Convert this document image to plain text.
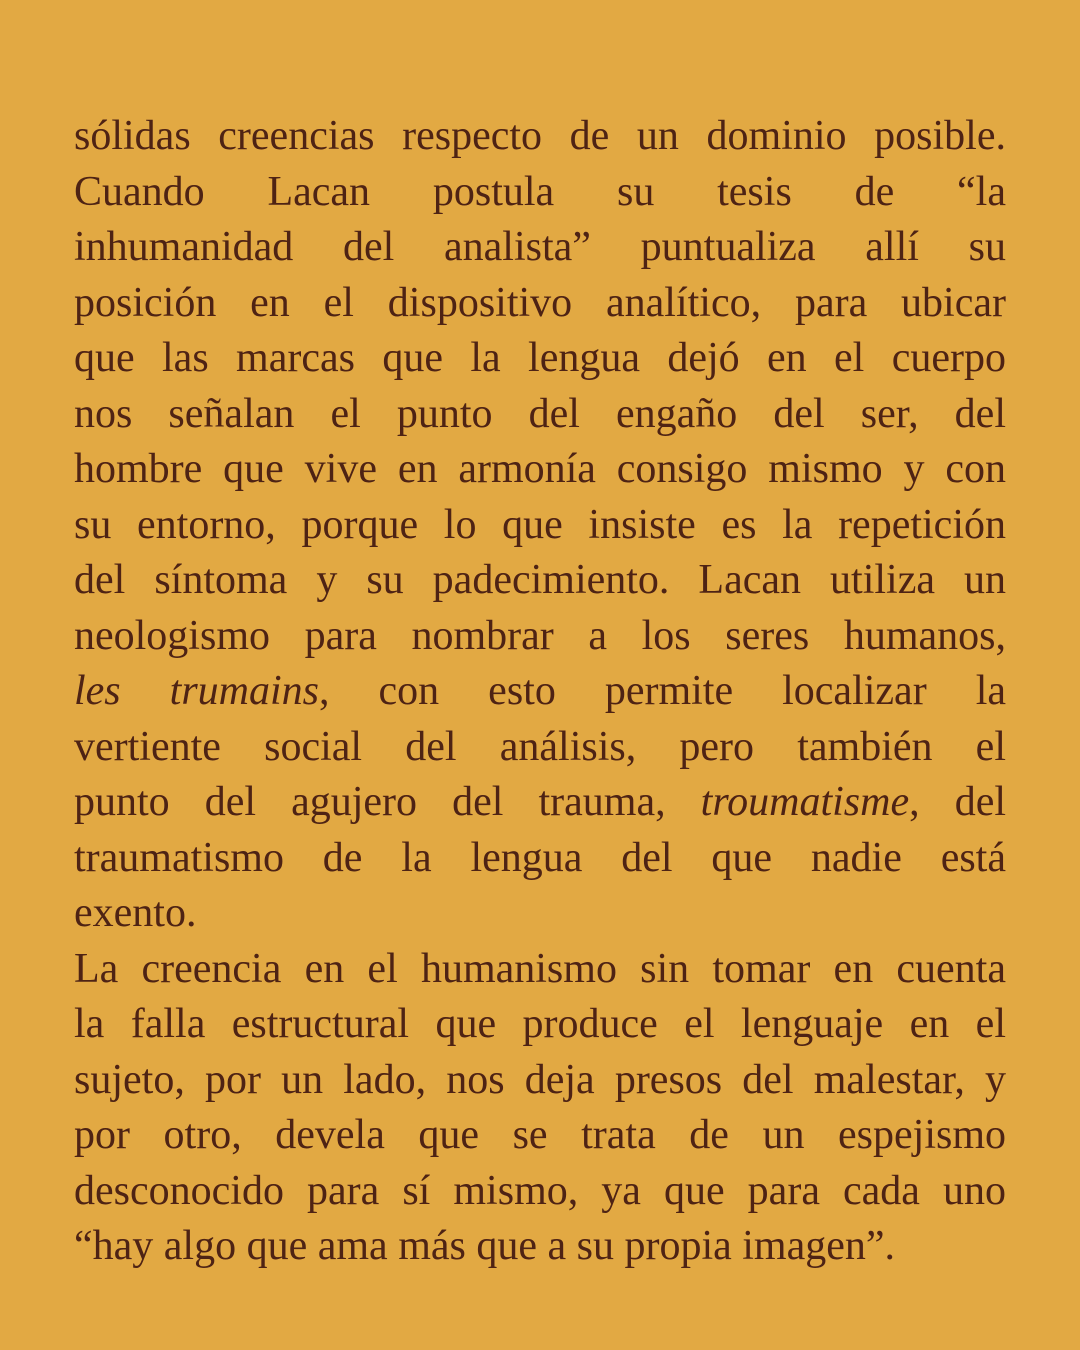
sólidas creencias respecto de un dominio posible.
Cuando Lacan postula su tesis de “la
inhumanidad del analista” puntualiza allí su
posición en el dispositivo analítico, para ubicar
que las marcas que la lengua dejó en el cuerpo
nos señalan el punto del engaño del ser, del
hombre que vive en armonía consigo mismo y con
su entorno, porque lo que insiste es la repetición
del síntoma y su padecimiento. Lacan utiliza un
neologismo para nombrar a los seres humanos,
les trumains, con esto permite localizar la
vertiente social del análisis, pero también el
punto del agujero del trauma, troumatisme, del
traumatismo de la lengua del que nadie está
exento.
La creencia en el humanismo sin tomar en cuenta
la falla estructural que produce el lenguaje en el
sujeto, por un lado, nos deja presos del malestar, y
por otro, devela que se trata de un espejismo
desconocido para sí mismo, ya que para cada uno
“hay algo que ama más que a su propia imagen”.
